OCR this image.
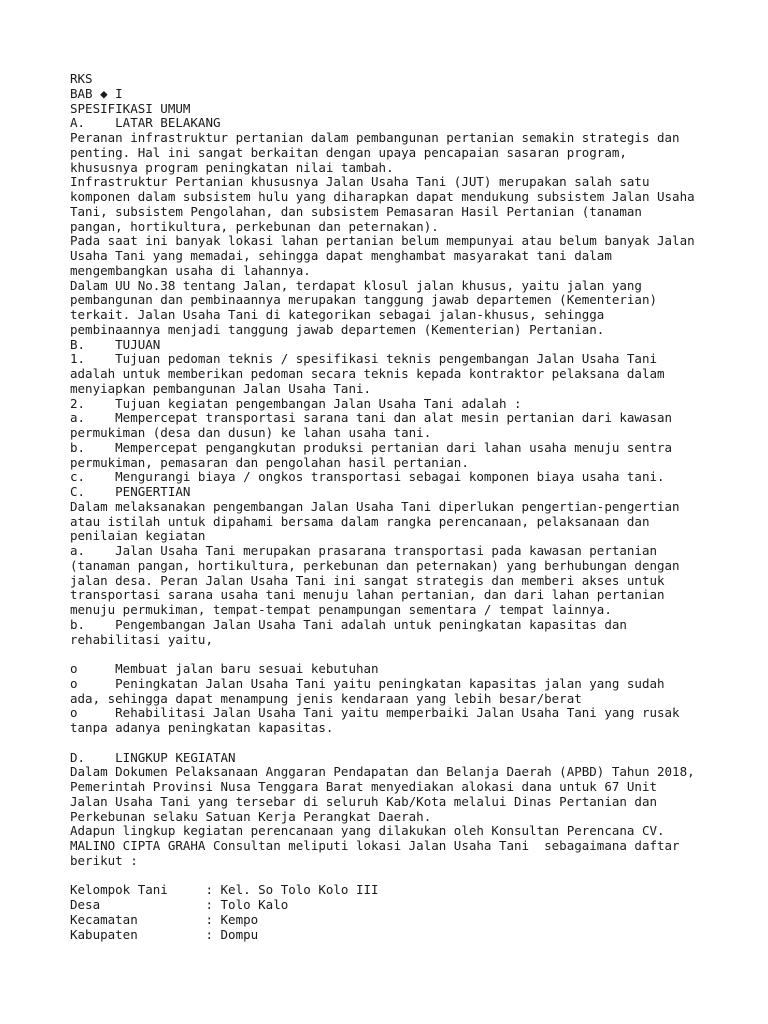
RKS
BAB ◆ I
SPESIFIKASI UMUM
A.    LATAR BELAKANG
Peranan infrastruktur pertanian dalam pembangunan pertanian semakin strategis dan
penting. Hal ini sangat berkaitan dengan upaya pencapaian sasaran program,
khususnya program peningkatan nilai tambah.
Infrastruktur Pertanian khususnya Jalan Usaha Tani (JUT) merupakan salah satu
komponen dalam subsistem hulu yang diharapkan dapat mendukung subsistem Jalan Usaha
Tani, subsistem Pengolahan, dan subsistem Pemasaran Hasil Pertanian (tanaman
pangan, hortikultura, perkebunan dan peternakan).
Pada saat ini banyak lokasi lahan pertanian belum mempunyai atau belum banyak Jalan
Usaha Tani yang memadai, sehingga dapat menghambat masyarakat tani dalam
mengembangkan usaha di lahannya.
Dalam UU No.38 tentang Jalan, terdapat klosul jalan khusus, yaitu jalan yang
pembangunan dan pembinaannya merupakan tanggung jawab departemen (Kementerian)
terkait. Jalan Usaha Tani di kategorikan sebagai jalan-khusus, sehingga
pembinaannya menjadi tanggung jawab departemen (Kementerian) Pertanian.
B.    TUJUAN
1.    Tujuan pedoman teknis / spesifikasi teknis pengembangan Jalan Usaha Tani
adalah untuk memberikan pedoman secara teknis kepada kontraktor pelaksana dalam
menyiapkan pembangunan Jalan Usaha Tani.
2.    Tujuan kegiatan pengembangan Jalan Usaha Tani adalah :
a.    Mempercepat transportasi sarana tani dan alat mesin pertanian dari kawasan
permukiman (desa dan dusun) ke lahan usaha tani.
b.    Mempercepat pengangkutan produksi pertanian dari lahan usaha menuju sentra
permukiman, pemasaran dan pengolahan hasil pertanian.
c.    Mengurangi biaya / ongkos transportasi sebagai komponen biaya usaha tani.
C.    PENGERTIAN
Dalam melaksanakan pengembangan Jalan Usaha Tani diperlukan pengertian-pengertian
atau istilah untuk dipahami bersama dalam rangka perencanaan, pelaksanaan dan
penilaian kegiatan
a.    Jalan Usaha Tani merupakan prasarana transportasi pada kawasan pertanian
(tanaman pangan, hortikultura, perkebunan dan peternakan) yang berhubungan dengan
jalan desa. Peran Jalan Usaha Tani ini sangat strategis dan memberi akses untuk
transportasi sarana usaha tani menuju lahan pertanian, dan dari lahan pertanian
menuju permukiman, tempat-tempat penampungan sementara / tempat lainnya.
b.    Pengembangan Jalan Usaha Tani adalah untuk peningkatan kapasitas dan
rehabilitasi yaitu,
o     Membuat jalan baru sesuai kebutuhan
o     Peningkatan Jalan Usaha Tani yaitu peningkatan kapasitas jalan yang sudah
ada, sehingga dapat menampung jenis kendaraan yang lebih besar/berat
o     Rehabilitasi Jalan Usaha Tani yaitu memperbaiki Jalan Usaha Tani yang rusak
tanpa adanya peningkatan kapasitas.
D.    LINGKUP KEGIATAN
Dalam Dokumen Pelaksanaan Anggaran Pendapatan dan Belanja Daerah (APBD) Tahun 2018,
Pemerintah Provinsi Nusa Tenggara Barat menyediakan alokasi dana untuk 67 Unit
Jalan Usaha Tani yang tersebar di seluruh Kab/Kota melalui Dinas Pertanian dan
Perkebunan selaku Satuan Kerja Perangkat Daerah.
Adapun lingkup kegiatan perencanaan yang dilakukan oleh Konsultan Perencana CV.
MALINO CIPTA GRAHA Consultan meliputi lokasi Jalan Usaha Tani  sebagaimana daftar
berikut :
Kelompok Tani     : Kel. So Tolo Kolo III
Desa              : Tolo Kalo
Kecamatan         : Kempo
Kabupaten         : Dompu
